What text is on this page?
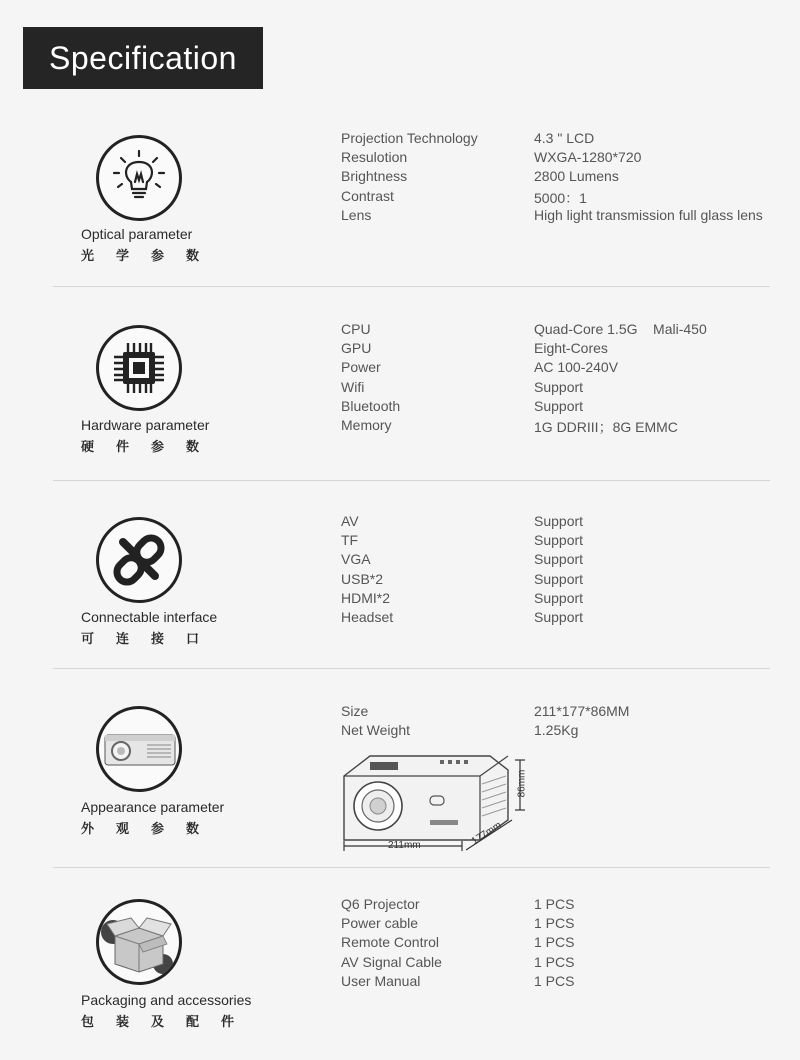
Specification
Optical parameter
光 学 参 数
Projection Technology	4.3 " LCD
Resulotion	WXGA-1280*720
Brightness	2800 Lumens
Contrast	5000：1
Lens	High light transmission full glass lens
Hardware parameter
硬 件 参 数
CPU	Quad-Core 1.5G    Mali-450
GPU	Eight-Cores
Power	AC 100-240V
Wifi	Support
Bluetooth	Support
Memory	1G DDRIII；8G EMMC
Connectable interface
可 连 接 口
AV	Support
TF	Support
VGA	Support
USB*2	Support
HDMI*2	Support
Headset	Support
Appearance parameter
外 观 参 数
Size	211*177*86MM
Net Weight	1.25Kg
211mm	177mm
86mm
Packaging and accessories
包 装 及 配 件
Q6 Projector	1 PCS
Power cable	1 PCS
Remote Control	1 PCS
AV Signal Cable	1 PCS
User Manual	1 PCS
